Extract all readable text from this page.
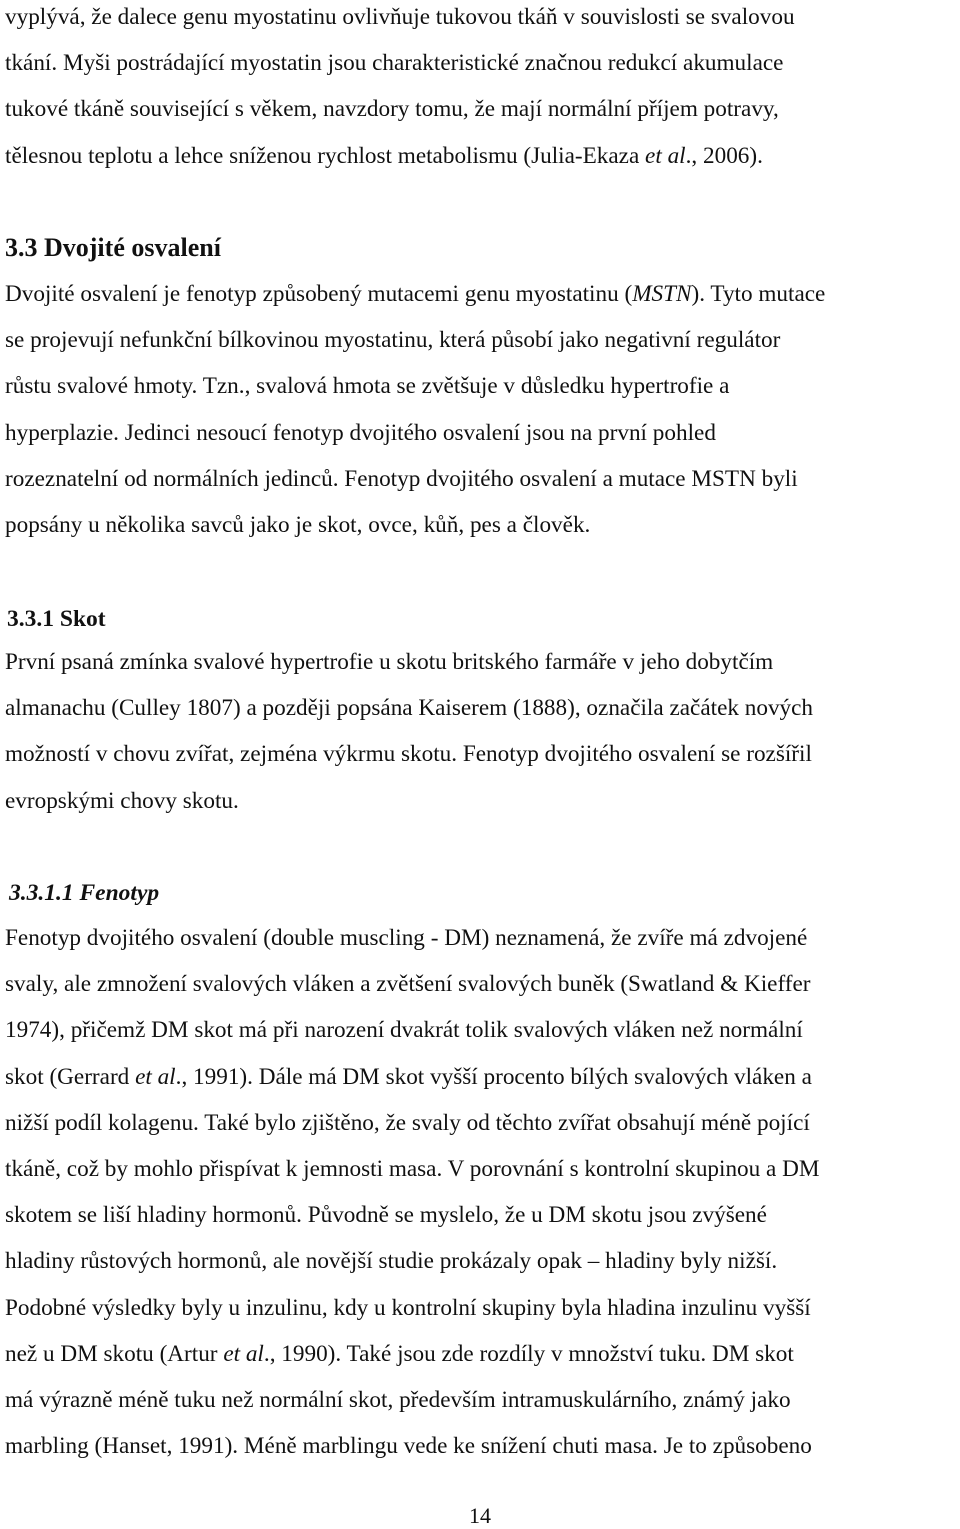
vyplývá, že dalece genu myostatinu ovlivňuje tukovou tkáň v souvislosti se svalovou
tkání. Myši postrádající myostatin jsou charakteristické značnou redukcí akumulace
tukové tkáně související s věkem, navzdory tomu, že mají normální příjem potravy,
tělesnou teplotu a lehce sníženou rychlost metabolismu (Julia-Ekaza et al., 2006).
3.3 Dvojité osvalení
Dvojité osvalení je fenotyp způsobený mutacemi genu myostatinu (MSTN). Tyto mutace
se projevují nefunkční bílkovinou myostatinu, která působí jako negativní regulátor
růstu svalové hmoty. Tzn., svalová hmota se zvětšuje v důsledku hypertrofie a
hyperplazie. Jedinci nesoucí fenotyp dvojitého osvalení jsou na první pohled
rozeznatelní od normálních jedinců. Fenotyp dvojitého osvalení a mutace MSTN byli
popsány u několika savců jako je skot, ovce, kůň, pes a člověk.
3.3.1 Skot
První psaná zmínka svalové hypertrofie u skotu britského farmáře v jeho dobytčím
almanachu (Culley 1807) a později popsána Kaiserem (1888), označila začátek nových
možností v chovu zvířat, zejména výkrmu skotu. Fenotyp dvojitého osvalení se rozšířil
evropskými chovy skotu.
3.3.1.1 Fenotyp
Fenotyp dvojitého osvalení (double muscling - DM) neznamená, že zvíře má zdvojené
svaly, ale zmnožení svalových vláken a zvětšení svalových buněk (Swatland & Kieffer
1974), přičemž DM skot má při narození dvakrát tolik svalových vláken než normální
skot (Gerrard et al., 1991). Dále má DM skot vyšší procento bílých svalových vláken a
nižší podíl kolagenu. Také bylo zjištěno, že svaly od těchto zvířat obsahují méně pojící
tkáně, což by mohlo přispívat k jemnosti masa. V porovnání s kontrolní skupinou a DM
skotem se liší hladiny hormonů. Původně se myslelo, že u DM skotu jsou zvýšené
hladiny růstových hormonů, ale novější studie prokázaly opak – hladiny byly nižší.
Podobné výsledky byly u inzulinu, kdy u kontrolní skupiny byla hladina inzulinu vyšší
než u DM skotu (Artur et al., 1990). Také jsou zde rozdíly v množství tuku. DM skot
má výrazně méně tuku než normální skot, především intramuskulárního, známý jako
marbling (Hanset, 1991). Méně marblingu vede ke snížení chuti masa. Je to způsobeno
14
